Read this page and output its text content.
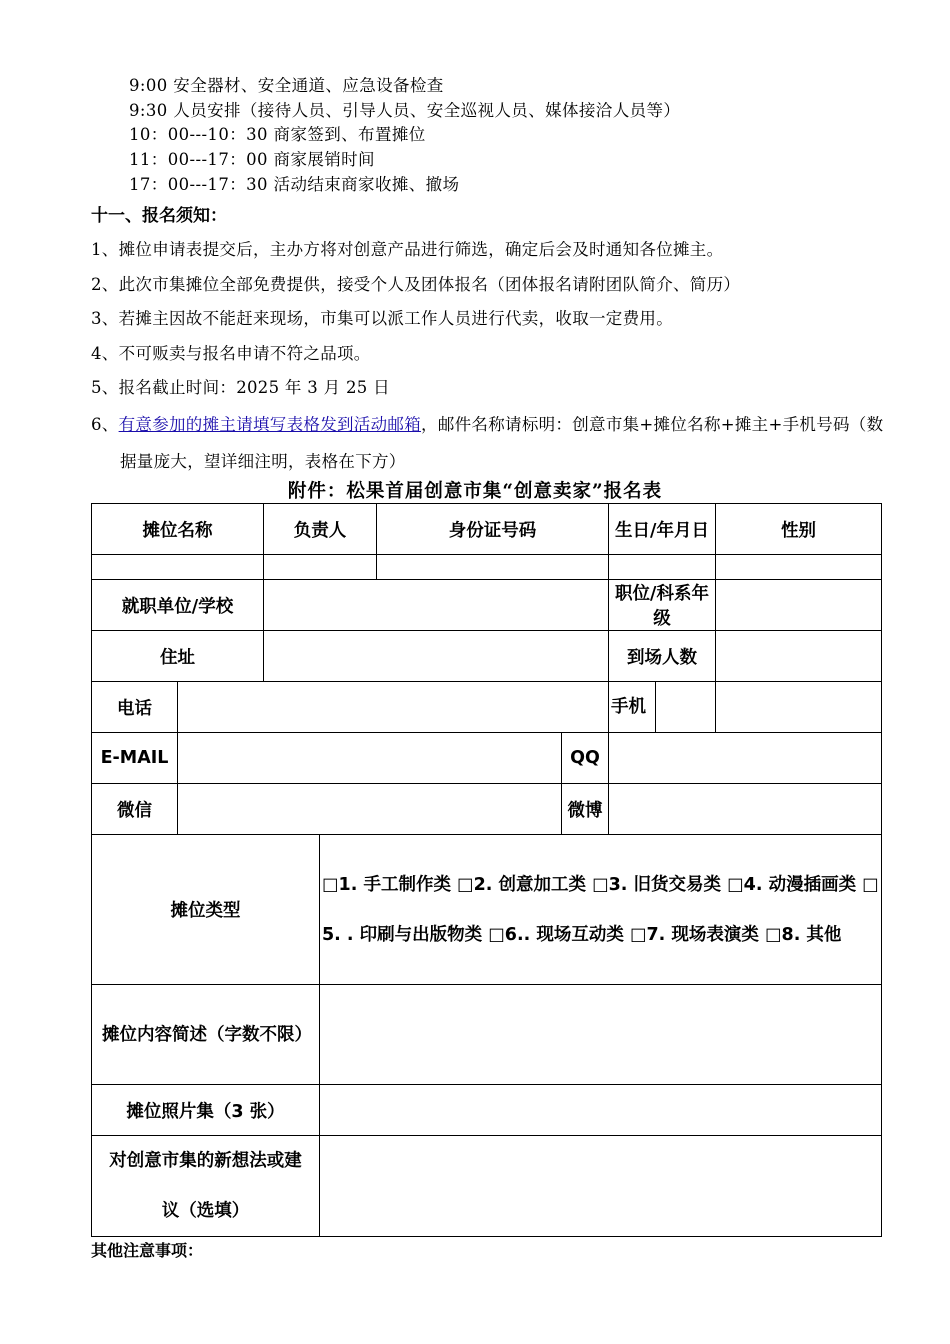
9:00 安全器材、安全通道、应急设备检查
9:30 人员安排（接待人员、引导人员、安全巡视人员、媒体接洽人员等）
10：00---10：30 商家签到、布置摊位
11：00---17：00 商家展销时间
17：00---17：30 活动结束商家收摊、撤场
十一、报名须知：
1、摊位申请表提交后，主办方将对创意产品进行筛选，确定后会及时通知各位摊主。
2、此次市集摊位全部免费提供，接受个人及团体报名（团体报名请附团队简介、简历）
3、若摊主因故不能赶来现场，市集可以派工作人员进行代卖，收取一定费用。
4、不可贩卖与报名申请不符之品项。
5、报名截止时间：2025 年 3 月 25 日
6、有意参加的摊主请填写表格发到活动邮箱，邮件名称请标明：创意市集+摊位名称+摊主+手机号码（数据量庞大，望详细注明，表格在下方）
附件：松果首届创意市集“创意卖家”报名表
摊位名称		负责人		身份证号码		生日/年月日	性别

就职单位/学校						职位/科系年级	
住址						到场人数	
电话						手机	
E-MAIL					QQ		
微信					微博		
摊位类型			□1. 手工制作类 □2. 创意加工类 □3. 旧货交易类 □4. 动漫插画类 □5. . 印刷与出版物类 □6.. 现场互动类 □7. 现场表演类 □8. 其他				
摊位内容简述（字数不限）							
摊位照片集（3 张）							
对创意市集的新想法或建议（选填）							
其他注意事项：
